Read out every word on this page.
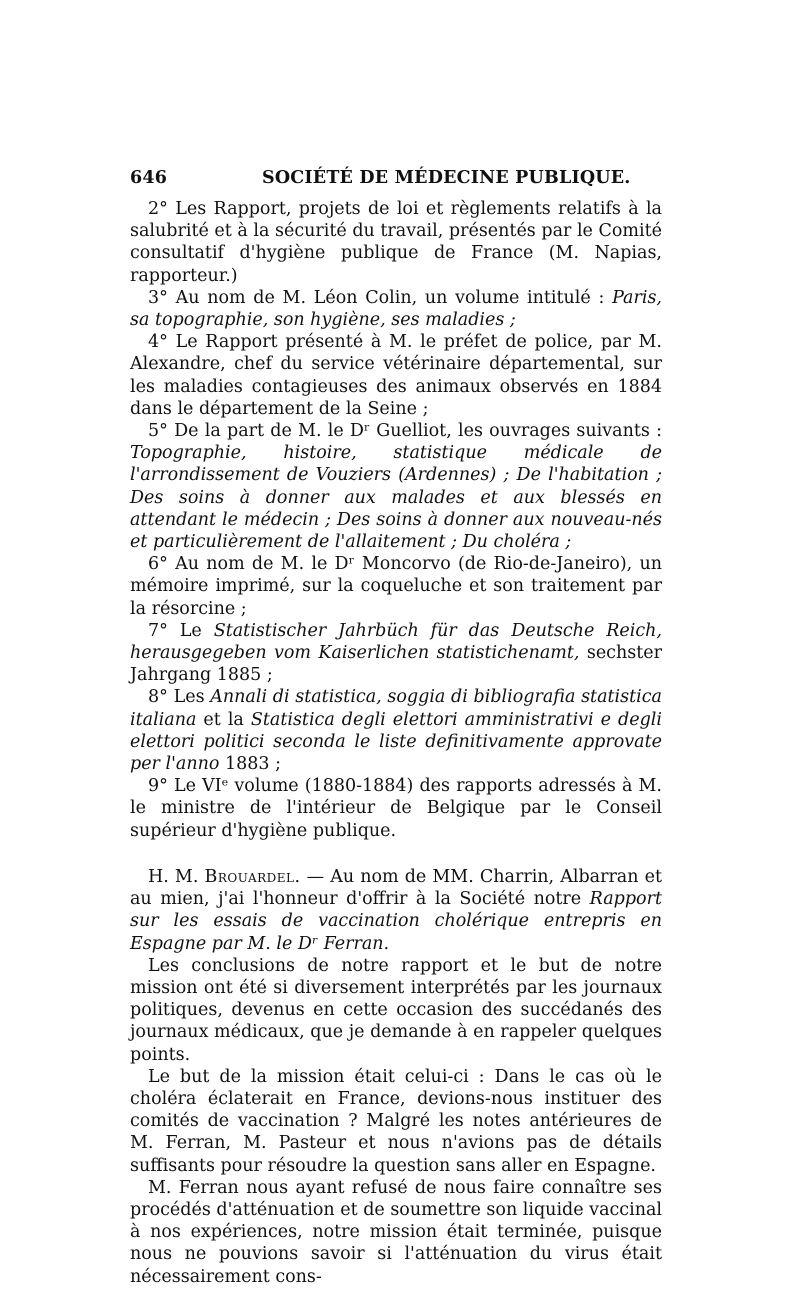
646	SOCIÉTÉ DE MÉDECINE PUBLIQUE.

2° Les Rapport, projets de loi et règlements relatifs à la salubrité et à la sécurité du travail, présentés par le Comité consultatif d'hygiène publique de France (M. Napias, rapporteur.)

3° Au nom de M. Léon Colin, un volume intitulé : Paris, sa topographie, son hygiène, ses maladies ;

4° Le Rapport présenté à M. le préfet de police, par M. Alexandre, chef du service vétérinaire départemental, sur les maladies contagieuses des animaux observés en 1884 dans le département de la Seine ;

5° De la part de M. le Dʳ Guelliot, les ouvrages suivants : Topographie, histoire, statistique médicale de l'arrondissement de Vouziers (Ardennes) ; De l'habitation ; Des soins à donner aux malades et aux blessés en attendant le médecin ; Des soins à donner aux nouveau-nés et particulièrement de l'allaitement ; Du choléra ;

6° Au nom de M. le Dʳ Moncorvo (de Rio-de-Janeiro), un mémoire imprimé, sur la coqueluche et son traitement par la résorcine ;

7° Le Statistischer Jahrbüch für das Deutsche Reich, herausgegeben vom Kaiserlichen statistichenamt, sechster Jahrgang 1885 ;

8° Les Annali di statistica, soggia di bibliografia statistica italiana et la Statistica degli elettori amministrativi e degli elettori politici seconda le liste definitivamente approvate per l'anno 1883 ;

9° Le VIᵉ volume (1880-1884) des rapports adressés à M. le ministre de l'intérieur de Belgique par le Conseil supérieur d'hygiène publique.

H. M. Brouardel. — Au nom de MM. Charrin, Albarran et au mien, j'ai l'honneur d'offrir à la Société notre Rapport sur les essais de vaccination cholérique entrepris en Espagne par M. le Dʳ Ferran.

Les conclusions de notre rapport et le but de notre mission ont été si diversement interprétés par les journaux politiques, devenus en cette occasion des succédanés des journaux médicaux, que je demande à en rappeler quelques points.

Le but de la mission était celui-ci : Dans le cas où le choléra éclaterait en France, devions-nous instituer des comités de vaccination ? Malgré les notes antérieures de M. Ferran, M. Pasteur et nous n'avions pas de détails suffisants pour résoudre la question sans aller en Espagne.

M. Ferran nous ayant refusé de nous faire connaître ses procédés d'atténuation et de soumettre son liquide vaccinal à nos expériences, notre mission était terminée, puisque nous ne pouvions savoir si l'atténuation du virus était nécessairement cons-
